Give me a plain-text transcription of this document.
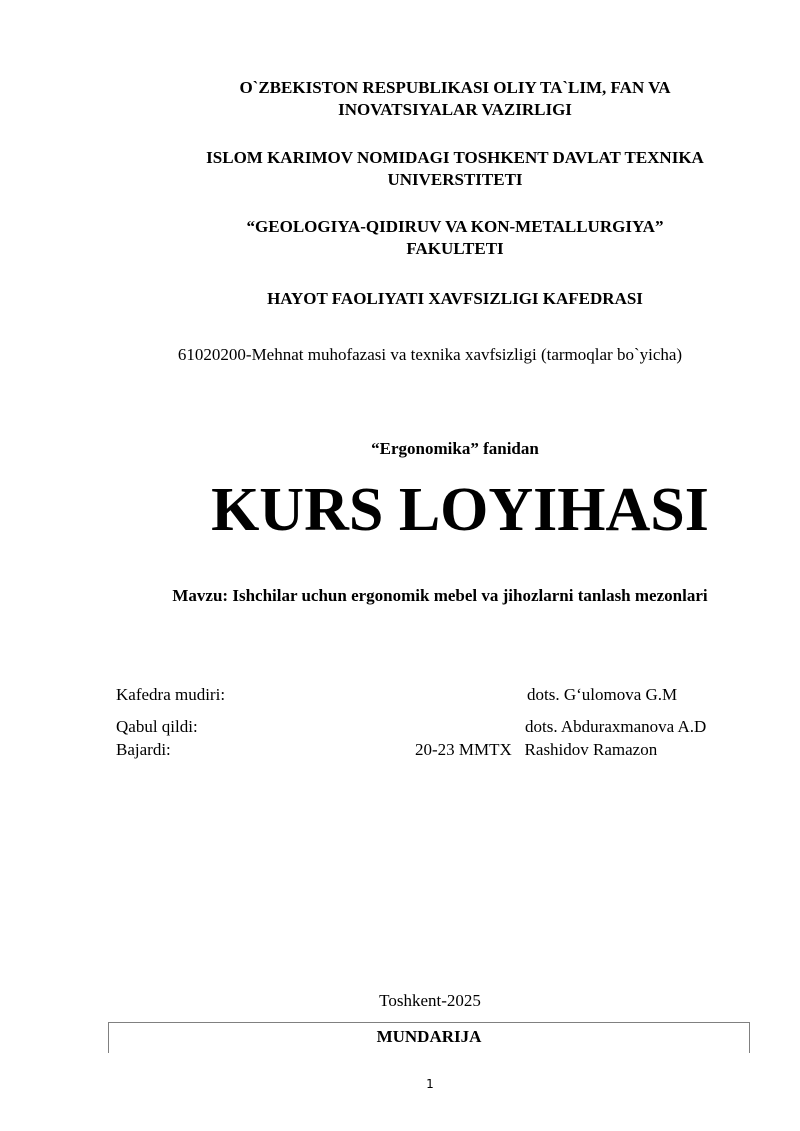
O`ZBEKISTON RESPUBLIKASI OLIY TA`LIM, FAN VA
INOVATSIYALAR VAZIRLIGI
ISLOM KARIMOV NOMIDAGI TOSHKENT DAVLAT TEXNIKA
UNIVERSTITETI
“GEOLOGIYA-QIDIRUV VA KON-METALLURGIYA”
FAKULTETI
HAYOT FAOLIYATI XAVFSIZLIGI KAFEDRASI
61020200-Mehnat muhofazasi va texnika xavfsizligi (tarmoqlar bo`yicha)
“Ergonomika” fanidan
KURS LOYIHASI
Mavzu: Ishchilar uchun ergonomik mebel va jihozlarni tanlash mezonlari
Kafedra mudiri:	dots. G‘ulomova G.M
Qabul qildi:	dots. Abduraxmanova A.D
Bajardi:	20-23 MMTX   Rashidov Ramazon
Toshkent-2025
MUNDARIJA
1
